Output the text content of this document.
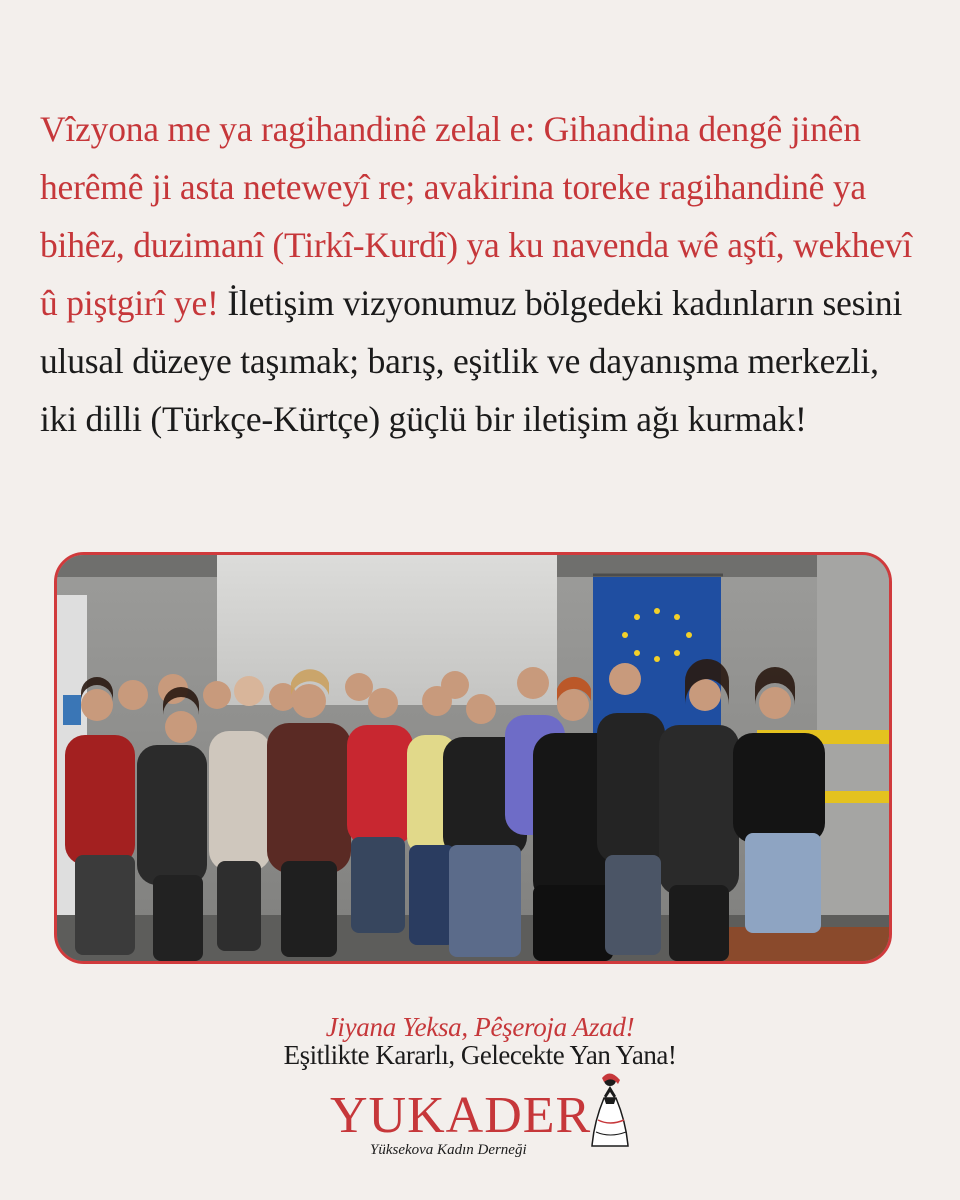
Vîzyona me ya ragihandinê zelal e: Gihandina dengê jinên herêmê ji asta neteweyî re; avakirina toreke ragihandinê ya bihêz, duzimanî (Tirkî-Kurdî) ya ku navenda wê aştî, wekhevî û piştgirî ye! İletişim vizyonumuz bölgedeki kadınların sesini ulusal düzeye taşımak; barış, eşitlik ve dayanışma merkezli, iki dilli (Türkçe-Kürtçe) güçlü bir iletişim ağı kurmak!

Jiyana Yeksa, Pêşeroja Azad!
Eşitlikte Kararlı, Gelecekte Yan Yana!
YUKADER
Yüksekova Kadın Derneği
